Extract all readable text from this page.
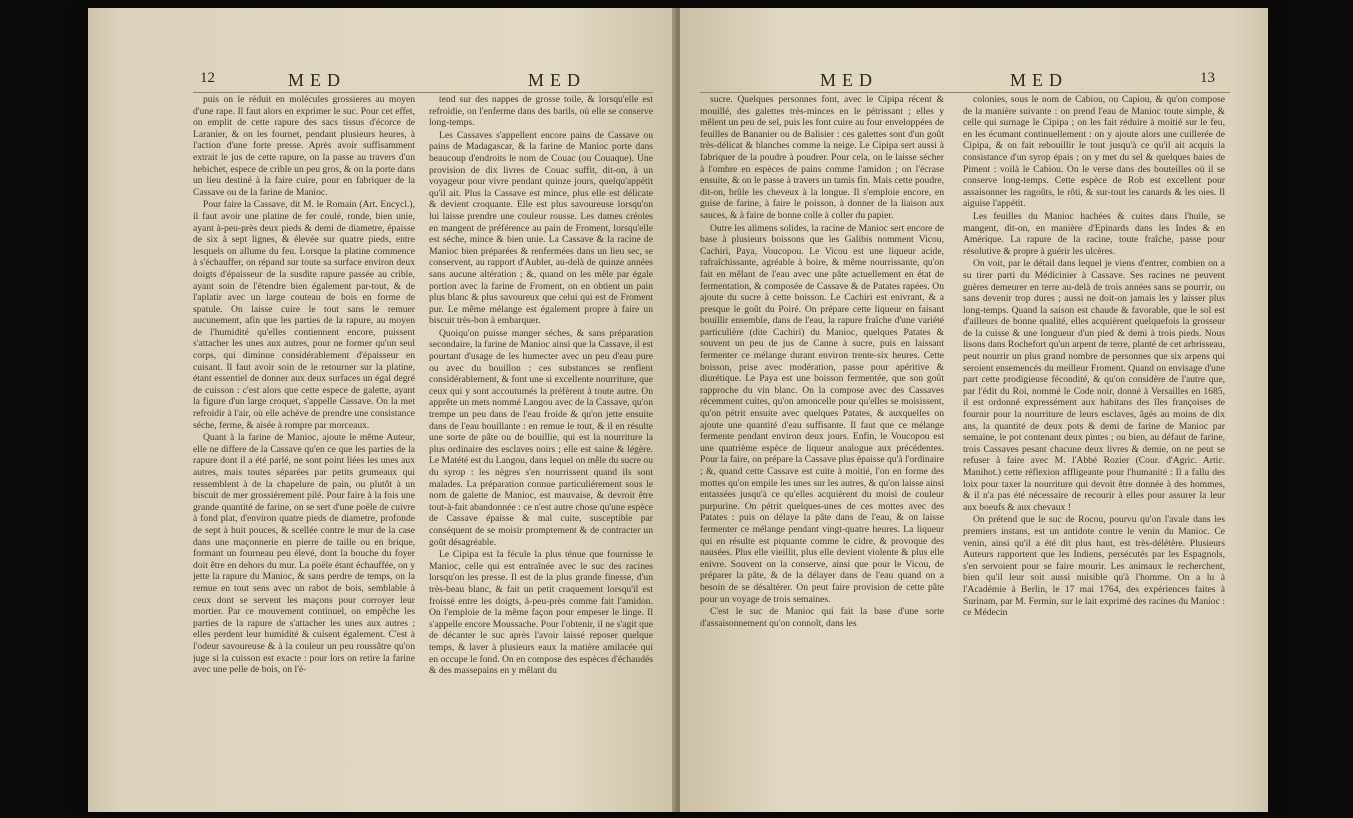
12	MED	MED

puis on le réduit en molécules grossieres au moyen d'une rape. Il faut alors en exprimer le suc. Pour cet effet, on emplit de cette rapure des sacs tissus d'écorce de Laranier, & on les fournet, pendant plusieurs heures, à l'action d'une forte presse. Après avoir suffisamment extrait le jus de cette rapure, on la passe au travers d'un hebichet, espece de crible un peu gros, & on la porte dans un lieu destiné à la faire cuire, pour en fabriquer de la Cassave ou de la farine de Manioc.

Pour faire la Cassave, dit M. le Romain (Art. Encycl.), il faut avoir une platine de fer coulé, ronde, bien unie, ayant à-peu-près deux pieds & demi de diametre, épaisse de six à sept lignes, & élevée sur quatre pieds, entre lesquels on allume du feu. Lorsque la platine commence à s'échauffer, on répand sur toute sa surface environ deux doigts d'épaisseur de la susdite rapure passée au crible, ayant soin de l'étendre bien également par-tout, & de l'aplatir avec un large couteau de bois en forme de spatule. On laisse cuire le tout sans le remuer aucunement, afin que les parties de la rapure, au moyen de l'humidité qu'elles contiennent encore, puissent s'attacher les unes aux autres, pour ne former qu'un seul corps, qui diminue considérablement d'épaisseur en cuisant. Il faut avoir soin de le retourner sur la platine, étant essentiel de donner aux deux surfaces un égal degré de cuisson : c'est alors que cette espece de galette, ayant la figure d'un large croquet, s'appelle Cassave. On la met refroidir à l'air, où elle achève de prendre une consistance séche, ferme, & aisée à rompre par morceaux.

Quant à la farine de Manioc, ajoute le même Auteur, elle ne differe de la Cassave qu'en ce que les parties de la rapure dont il a été parlé, ne sont point liées les unes aux autres, mais toutes séparées par petits grumeaux qui ressemblent à de la chapelure de pain, ou plutôt à un biscuit de mer grossiérement pilé. Pour faire à la fois une grande quantité de farine, on se sert d'une poële de cuivre à fond plat, d'environ quatre pieds de diametre, profonde de sept à huit pouces, & scellée contre le mur de la case dans une maçonnerie en pierre de taille ou en brique, formant un fourneau peu élevé, dont la bouche du foyer doit être en dehors du mur. La poële étant échauffée, on y jette la rapure du Manioc, & sans perdre de temps, on la remue en tout sens avec un rabot de bois, semblable à ceux dont se servent les maçons pour corroyer leur mortier. Par ce mouvement continuel, on empêche les parties de la rapure de s'attacher les unes aux autres ; elles perdent leur humidité & cuisent également. C'est à l'odeur savoureuse & à la couleur un peu roussâtre qu'on juge si la cuisson est exacte : pour lors on retire la farine avec une pelle de bois, on l'é-

tend sur des nappes de grosse toile, & lorsqu'elle est refroidie, on l'enferme dans des barils, où elle se conserve long-temps.

Les Cassaves s'appellent encore pains de Cassave ou pains de Madagascar, & la farine de Manioc porte dans beaucoup d'endroits le nom de Couac (ou Couaque). Une provision de dix livres de Couac suffit, dit-on, à un voyageur pour vivre pendant quinze jours, quelqu'appétit qu'il ait. Plus la Cassave est mince, plus elle est délicate & devient croquante. Elle est plus savoureuse lorsqu'on lui laisse prendre une couleur rousse. Les dames créoles en mangent de préférence au pain de Froment, lorsqu'elle est séche, mince & bien unie. La Cassave & la racine de Manioc bien préparées & renfermées dans un lieu sec, se conservent, au rapport d'Aublet, au-delà de quinze années sans aucune altération ; &, quand on les mêle par égale portion avec la farine de Froment, on en obtient un pain plus blanc & plus savoureux que celui qui est de Froment pur. Le même mélange est également propre à faire un biscuit très-bon à embarquer.

Quoiqu'on puisse manger séches, & sans préparation secondaire, la farine de Manioc ainsi que la Cassave, il est pourtant d'usage de les humecter avec un peu d'eau pure ou avec du bouillon : ces substances se renflent considérablement, & font une si excellente nourriture, que ceux qui y sont accoutumés la préfèrent à toute autre. On apprête un mets nommé Langou avec de la Cassave, qu'on trempe un peu dans de l'eau froide & qu'on jette ensuite dans de l'eau bouillante : en remue le tout, & il en résulte une sorte de pâte ou de bouillie, qui est la nourriture la plus ordinaire des esclaves noirs ; elle est saine & légère. Le Matété est du Langou, dans lequel on mêle du sucre ou du syrop : les nègres s'en nourrissent quand ils sont malades. La préparation connue particuliérement sous le nom de galette de Manioc, est mauvaise, & devroit être tout-à-fait abandonnée : ce n'est autre chose qu'une espèce de Cassave épaisse & mal cuite, susceptible par conséquent de se moisir promptement & de contracter un goût désagréable.

Le Cipipa est la fécule la plus ténue que fournisse le Manioc, celle qui est entraînée avec le suc des racines lorsqu'on les presse. Il est de la plus grande finesse, d'un très-beau blanc, & fait un petit craquement lorsqu'il est froissé entre les doigts, à-peu-près comme fait l'amidon. On l'emploie de la même façon pour empeser le linge. Il s'appelle encore Moussache. Pour l'obtenir, il ne s'agit que de décanter le suc après l'avoir laissé reposer quelque temps, & laver à plusieurs eaux la matière amilacée qui en occupe le fond. On en compose des espèces d'échaudés & des massepains en y mêlant du

MED	MED	13

sucre. Quelques personnes font, avec le Cipipa récent & mouillé, des galettes très-minces en le pétrissant ; elles y mêlent un peu de sel, puis les font cuire au four enveloppées de feuilles de Bananier ou de Balisier : ces galettes sont d'un goût très-délicat & blanches comme la neige. Le Cipipa sert aussi à fabriquer de la poudre à poudrer. Pour cela, on le laisse sécher à l'ombre en espèces de pains comme l'amidon ; on l'écrase ensuite, & on le passe à travers un tamis fin. Mais cette poudre, dit-on, brûle les cheveux à la longue. Il s'emploie encore, en guise de farine, à faire le poisson, à donner de la liaison aux sauces, & à faire de bonne colle à coller du papier.

Outre les alimens solides, la racine de Manioc sert encore de base à plusieurs boissons que les Galibis nomment Vicou, Cachiri, Paya, Voucopou. Le Vicou est une liqueur acide, rafraîchissante, agréable à boire, & même nourrissante, qu'on fait en mêlant de l'eau avec une pâte actuellement en état de fermentation, & composée de Cassave & de Patates rapées. On ajoute du sucre à cette boisson. Le Cachiri est enivrant, & a presque le goût du Poiré. On prépare cette liqueur en faisant bouillir ensemble, dans de l'eau, la rapure fraîche d'une variété particulière (dite Cachiri) du Manioc, quelques Patates & souvent un peu de jus de Canne à sucre, puis en laissant fermenter ce mélange durant environ trente-six heures. Cette boisson, prise avec modération, passe pour apéritive & diurétique. Le Paya est une boisson fermentée, que son goût rapproche du vin blanc. On la compose avec des Cassaves récemment cuites, qu'on amoncelle pour qu'elles se moisissent, qu'on pétrit ensuite avec quelques Patates, & auxquelles on ajoute une quantité d'eau suffisante. Il faut que ce mélange fermente pendant environ deux jours. Enfin, le Voucopou est une quatrième espèce de liqueur analogue aux précédentes. Pour la faire, on prépare la Cassave plus épaisse qu'à l'ordinaire ; &, quand cette Cassave est cuite à moitié, l'on en forme des mottes qu'on empile les unes sur les autres, & qu'on laisse ainsi entassées jusqu'à ce qu'elles acquièrent du moisi de couleur purpurine. On pétrit quelques-unes de ces mottes avec des Patates : puis on délaye la pâte dans de l'eau, & on laisse fermenter ce mélange pendant vingt-quatre heures. La liqueur qui en résulte est piquante comme le cidre, & provoque des nausées. Plus elle vieillit, plus elle devient violente & plus elle enivre. Souvent on la conserve, ainsi que pour le Vicou, de préparer la pâte, & de la délayer dans de l'eau quand on a besoin de se désaltérer. On peut faire provision de cette pâte pour un voyage de trois semaines.

C'est le suc de Manioc qui fait la base d'une sorte d'assaisonnement qu'on connoît, dans les

colonies, sous le nom de Cabiou, ou Capiou, & qu'on compose de la manière suivante : on prend l'eau de Manioc toute simple, & celle qui surnage le Cipipa ; on les fait réduire à moitié sur le feu, en les écumant continuellement : on y ajoute alors une cuillerée de Cipipa, & on fait rebouillir le tout jusqu'à ce qu'il ait acquis la consistance d'un syrop épais ; on y met du sel & quelques baies de Piment : voilà le Cabiou. On le verse dans des bouteilles où il se conserve long-temps. Cette espèce de Rob est excellent pour assaisonner les ragoûts, le rôti, & sur-tout les canards & les oies. Il aiguise l'appétit.

Les feuilles du Manioc hachées & cuites dans l'huile, se mangent, dit-on, en manière d'Epinards dans les Indes & en Amérique. La rapure de la racine, toute fraîche, passe pour résolutive & propre à guérir les ulcères.

On voit, par le détail dans lequel je viens d'entrer, combien on a su tirer parti du Médicinier à Cassave. Ses racines ne peuvent guères demeurer en terre au-delà de trois années sans se pourrir, ou sans devenir trop dures ; aussi ne doit-on jamais les y laisser plus long-temps. Quand la saison est chaude & favorable, que le sol est d'ailleurs de bonne qualité, elles acquièrent quelquefois la grosseur de la cuisse & une longueur d'un pied & demi à trois pieds. Nous lisons dans Rochefort qu'un arpent de terre, planté de cet arbrisseau, peut nourrir un plus grand nombre de personnes que six arpens qui seroient ensemencés du meilleur Froment. Quand on envisage d'une part cette prodigieuse fécondité, & qu'on considère de l'autre que, par l'édit du Roi, nommé le Code noir, donné à Versailles en 1685, il est ordonné expressément aux habitans des îles françoises de fournir pour la nourriture de leurs esclaves, âgés au moins de dix ans, la quantité de deux pots & demi de farine de Manioc par semaine, le pot contenant deux pintes ; ou bien, au défaut de farine, trois Cassaves pesant chacune deux livres & demie, on ne peut se refuser à faire avec M. l'Abbé Rozier (Cour. d'Agric. Artic. Manihot.) cette réflexion affligeante pour l'humanité : Il a fallu des loix pour taxer la nourriture qui devoit être donnée à des hommes, & il n'a pas été nécessaire de recourir à elles pour assurer la leur aux boeufs & aux chevaux !

On prétend que le suc de Rocou, pourvu qu'on l'avale dans les premiers instans, est un antidote contre le venin du Manioc. Ce venin, ainsi qu'il a été dit plus haut, est très-délétère. Plusieurs Auteurs rapportent que les Indiens, persécutés par les Espagnols, s'en servoient pour se faire mourir. Les animaux le recherchent, bien qu'il leur soit aussi nuisible qu'à l'homme. On a lu à l'Académie à Berlin, le 17 mai 1764, des expériences faites à Surinam, par M. Fermin, sur le lait exprimé des racines du Manioc : ce Médecin
